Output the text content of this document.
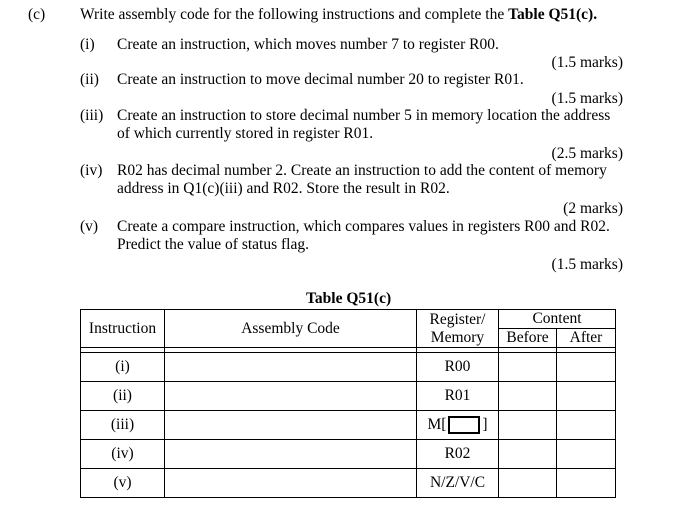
(c) Write assembly code for the following instructions and complete the Table Q51(c).
(i) Create an instruction, which moves number 7 to register R00.
(1.5 marks)
(ii) Create an instruction to move decimal number 20 to register R01.
(1.5 marks)
(iii) Create an instruction to store decimal number 5 in memory location the address
of which currently stored in register R01.
(2.5 marks)
(iv) R02 has decimal number 2. Create an instruction to add the content of memory
address in Q1(c)(iii) and R02. Store the result in R02.
(2 marks)
(v) Create a compare instruction, which compares values in registers R00 and R02.
Predict the value of status flag.
(1.5 marks)
Table Q51(c)
Instruction	Assembly Code	Register/
Memory	Content	
			Before	After

(i)		R00		
(ii)		R01		
(iii)		M[ ]		

(iv)		R02		
(v)		N/Z/V/C		
